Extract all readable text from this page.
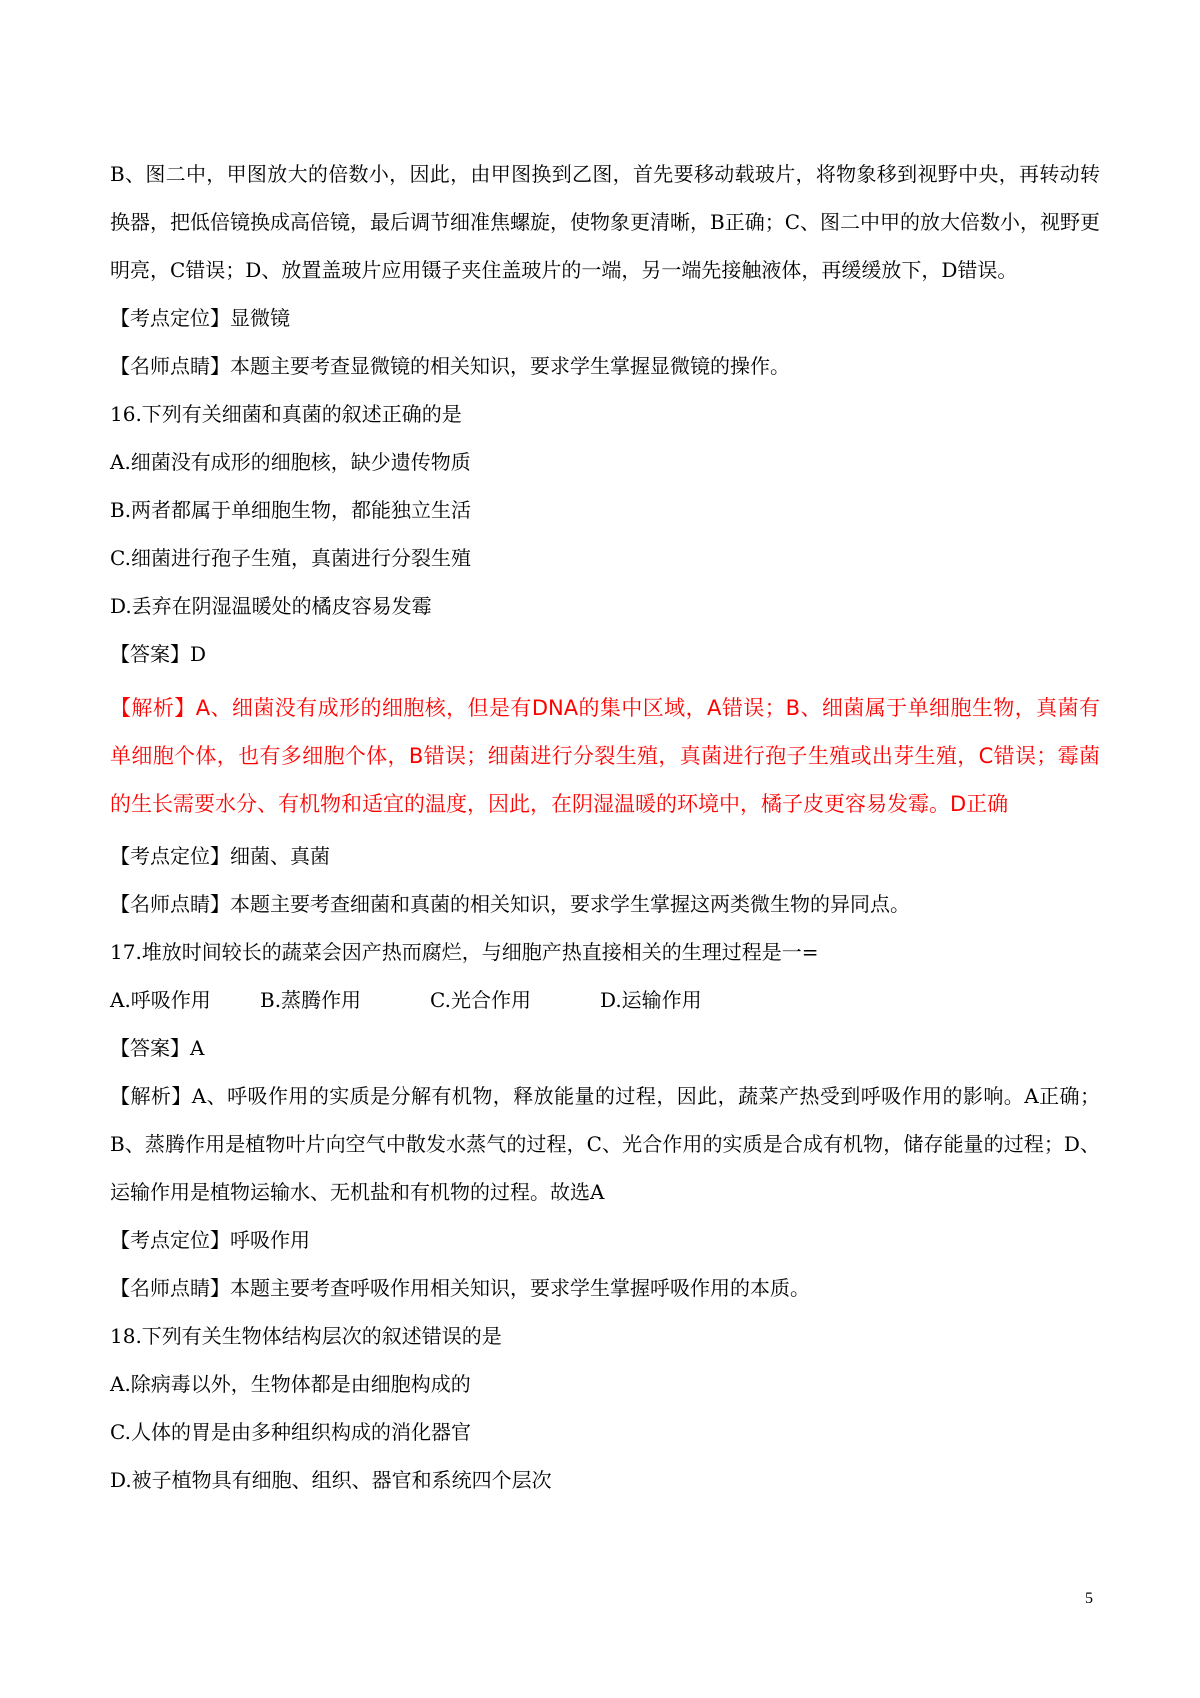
B、图二中，甲图放大的倍数小，因此，由甲图换到乙图，首先要移动载玻片，将物象移到视野中央，再转动转换器，把低倍镜换成高倍镜，最后调节细准焦螺旋，使物象更清晰，B正确；C、图二中甲的放大倍数小，视野更明亮，C错误；D、放置盖玻片应用镊子夹住盖玻片的一端，另一端先接触液体，再缓缓放下，D错误。

【考点定位】显微镜

【名师点睛】本题主要考查显微镜的相关知识，要求学生掌握显微镜的操作。

16.下列有关细菌和真菌的叙述正确的是

A.细菌没有成形的细胞核，缺少遗传物质

B.两者都属于单细胞生物，都能独立生活

C.细菌进行孢子生殖，真菌进行分裂生殖

D.丢弃在阴湿温暖处的橘皮容易发霉

【答案】D

【解析】A、细菌没有成形的细胞核，但是有DNA的集中区域，A错误；B、细菌属于单细胞生物，真菌有单细胞个体，也有多细胞个体，B错误；细菌进行分裂生殖，真菌进行孢子生殖或出芽生殖，C错误；霉菌的生长需要水分、有机物和适宜的温度，因此，在阴湿温暖的环境中，橘子皮更容易发霉。D正确

【考点定位】细菌、真菌

【名师点睛】本题主要考查细菌和真菌的相关知识，要求学生掌握这两类微生物的异同点。

17.堆放时间较长的蔬菜会因产热而腐烂，与细胞产热直接相关的生理过程是一=

A.呼吸作用	B.蒸腾作用	C.光合作用	D.运输作用

【答案】A

【解析】A、呼吸作用的实质是分解有机物，释放能量的过程，因此，蔬菜产热受到呼吸作用的影响。A正确；B、蒸腾作用是植物叶片向空气中散发水蒸气的过程，C、光合作用的实质是合成有机物，储存能量的过程；D、运输作用是植物运输水、无机盐和有机物的过程。故选A

【考点定位】呼吸作用

【名师点睛】本题主要考查呼吸作用相关知识，要求学生掌握呼吸作用的本质。

18.下列有关生物体结构层次的叙述错误的是

A.除病毒以外，生物体都是由细胞构成的

C.人体的胃是由多种组织构成的消化器官

D.被子植物具有细胞、组织、器官和系统四个层次

5
